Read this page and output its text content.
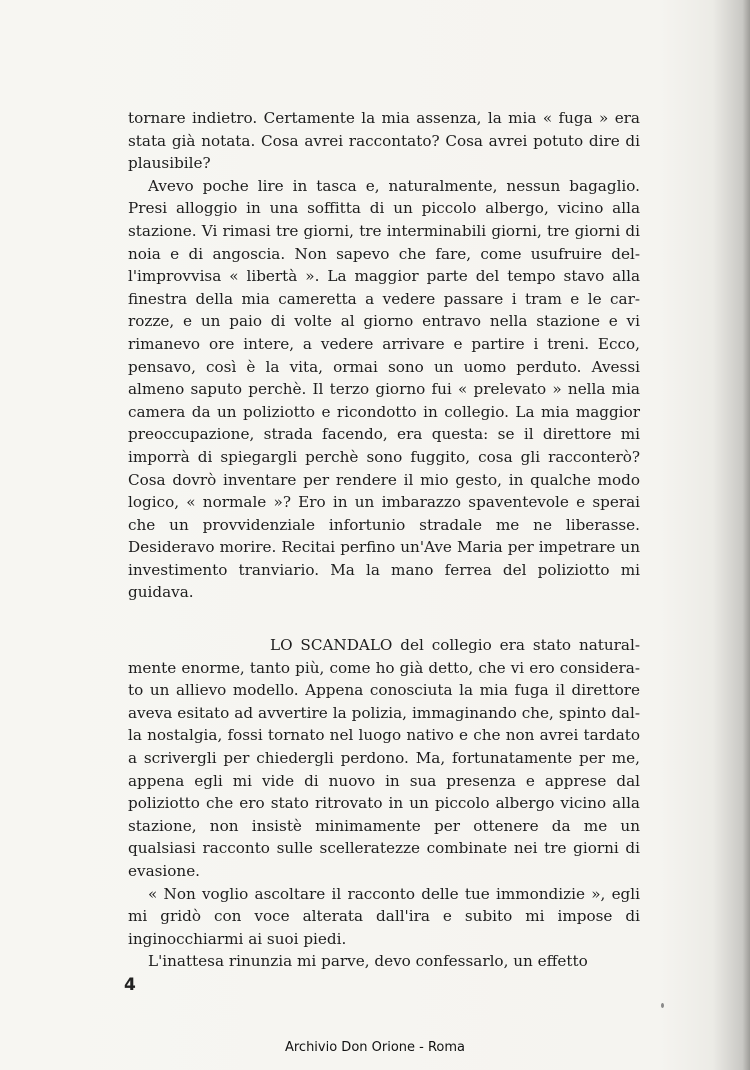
tornare indietro. Certamente la mia assenza, la mia « fuga » era stata già notata. Cosa avrei raccontato? Cosa avrei potuto dire di plausibile?

Avevo poche lire in tasca e, naturalmente, nessun bagaglio. Presi alloggio in una soffitta di un piccolo albergo, vicino alla stazione. Vi rimasi tre giorni, tre interminabili giorni, tre giorni di noia e di angoscia. Non sapevo che fare, come usufruire dell'improvvisa « libertà ». La maggior parte del tempo stavo alla finestra della mia cameretta a vedere passare i tram e le carrozze, e un paio di volte al giorno entravo nella stazione e vi rimanevo ore intere, a vedere arrivare e partire i treni. Ecco, pensavo, così è la vita, ormai sono un uomo perduto. Avessi almeno saputo perchè. Il terzo giorno fui « prelevato » nella mia camera da un poliziotto e ricondotto in collegio. La mia maggior preoccupazione, strada facendo, era questa: se il direttore mi imporrà di spiegargli perchè sono fuggito, cosa gli racconterò? Cosa dovrò inventare per rendere il mio gesto, in qualche modo logico, « normale »? Ero in un imbarazzo spaventevole e sperai che un provvidenziale infortunio stradale me ne liberasse. Desideravo morire. Recitai perfino un'Ave Maria per impetrare un investimento tranviario. Ma la mano ferrea del poliziotto mi guidava.

LO SCANDALO del collegio era stato naturalmente enorme, tanto più, come ho già detto, che vi ero considerato un allievo modello. Appena conosciuta la mia fuga il direttore aveva esitato ad avvertire la polizia, immaginando che, spinto dalla nostalgia, fossi tornato nel luogo nativo e che non avrei tardato a scrivergli per chiedergli perdono. Ma, fortunatamente per me, appena egli mi vide di nuovo in sua presenza e apprese dal poliziotto che ero stato ritrovato in un piccolo albergo vicino alla stazione, non insistè minimamente per ottenere da me un qualsiasi racconto sulle scelleratezze combinate nei tre giorni di evasione.

« Non voglio ascoltare il racconto delle tue immondizie », egli mi gridò con voce alterata dall'ira e subito mi impose di inginocchiarmi ai suoi piedi.

L'inattesa rinunzia mi parve, devo confessarlo, un effetto

4
Archivio Don Orione - Roma
